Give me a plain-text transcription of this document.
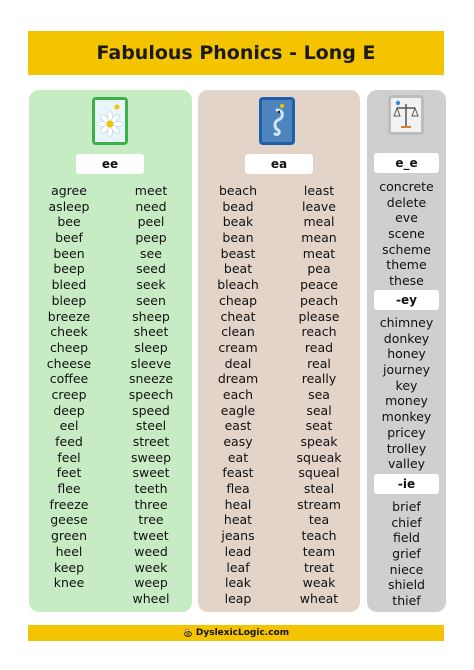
Fabulous Phonics - Long E
ee
agree
asleep
bee
beef
been
beep
bleed
bleep
breeze
cheek
cheep
cheese
coffee
creep
deep
eel
feed
feel
feet
flee
freeze
geese
green
heel
keep
knee
meet
need
peel
peep
see
seed
seek
seen
sheep
sheet
sleep
sleeve
sneeze
speech
speed
steel
street
sweep
sweet
teeth
three
tree
tweet
weed
week
weep
wheel
ea
beach
bead
beak
bean
beast
beat
bleach
cheap
cheat
clean
cream
deal
dream
each
eagle
east
easy
eat
feast
flea
heal
heat
jeans
lead
leaf
leak
leap
least
leave
meal
mean
meat
pea
peace
peach
please
reach
read
real
really
sea
seal
seat
speak
squeak
squeal
steal
stream
tea
teach
team
treat
weak
wheat
e_e
concrete
delete
eve
scene
scheme
theme
these
-ey
chimney
donkey
honey
journey
key
money
monkey
pricey
trolley
valley
-ie
brief
chief
field
grief
niece
shield
thief
DyslexicLogic.com
